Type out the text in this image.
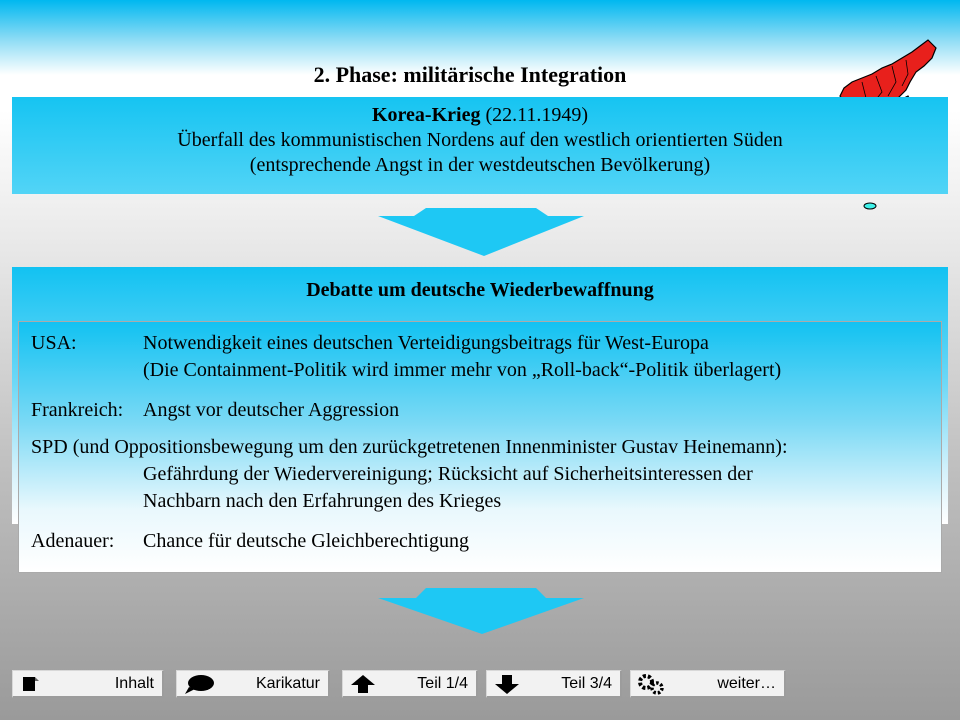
2. Phase: militärische Integration
Korea-Krieg (22.11.1949)
Überfall des kommunistischen Nordens auf den westlich orientierten Süden
(entsprechende Angst in der westdeutschen Bevölkerung)
Debatte um deutsche Wiederbewaffnung
USA:	Notwendigkeit eines deutschen Verteidigungsbeitrags für West-Europa
(Die Containment-Politik wird immer mehr von „Roll-back“-Politik überlagert)
Frankreich: Angst vor deutscher Aggression
SPD (und Oppositionsbewegung um den zurückgetretenen Innenminister Gustav Heinemann):
Gefährdung der Wiedervereinigung; Rücksicht auf Sicherheitsinteressen der
Nachbarn nach den Erfahrungen des Krieges
Adenauer: Chance für deutsche Gleichberechtigung
Inhalt	Karikatur	Teil 1/4	Teil 3/4	weiter…
